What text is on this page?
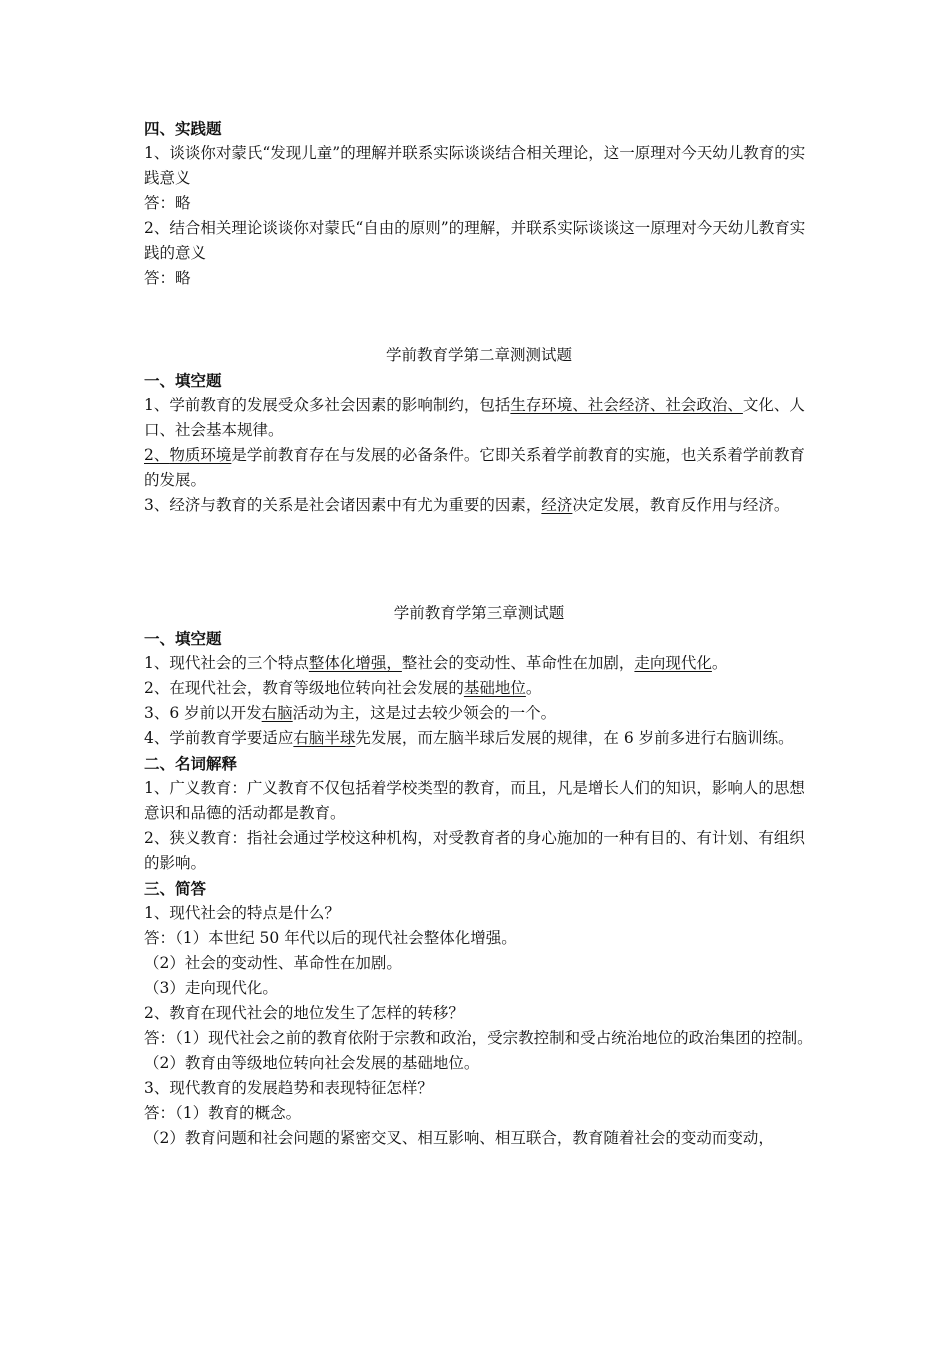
四、实践题

1、谈谈你对蒙氏“发现儿童”的理解并联系实际谈谈结合相关理论，这一原理对今天幼儿教育的实践意义

答：略

2、结合相关理论谈谈你对蒙氏“自由的原则”的理解，并联系实际谈谈这一原理对今天幼儿教育实践的意义

答：略

学前教育学第二章测测试题

一、填空题

1、学前教育的发展受众多社会因素的影响制约，包括生存环境、社会经济、社会政治、文化、人口、社会基本规律。

2、物质环境是学前教育存在与发展的必备条件。它即关系着学前教育的实施，也关系着学前教育的发展。

3、经济与教育的关系是社会诸因素中有尤为重要的因素，经济决定发展，教育反作用与经济。

学前教育学第三章测试题

一、填空题

1、现代社会的三个特点整体化增强，整社会的变动性、革命性在加剧，走向现代化。

2、在现代社会，教育等级地位转向社会发展的基础地位。

3、6 岁前以开发右脑活动为主，这是过去较少领会的一个。

4、学前教育学要适应右脑半球先发展，而左脑半球后发展的规律，在 6 岁前多进行右脑训练。

二、名词解释

1、广义教育：广义教育不仅包括着学校类型的教育，而且，凡是增长人们的知识，影响人的思想意识和品德的活动都是教育。

2、狭义教育：指社会通过学校这种机构，对受教育者的身心施加的一种有目的、有计划、有组织的影响。

三、简答

1、现代社会的特点是什么？

答：（1）本世纪 50 年代以后的现代社会整体化增强。

（2）社会的变动性、革命性在加剧。

（3）走向现代化。

2、教育在现代社会的地位发生了怎样的转移？

答：（1）现代社会之前的教育依附于宗教和政治，受宗教控制和受占统治地位的政治集团的控制。

（2）教育由等级地位转向社会发展的基础地位。

3、现代教育的发展趋势和表现特征怎样？

答：（1）教育的概念。

（2）教育问题和社会问题的紧密交叉、相互影响、相互联合，教育随着社会的变动而变动，
